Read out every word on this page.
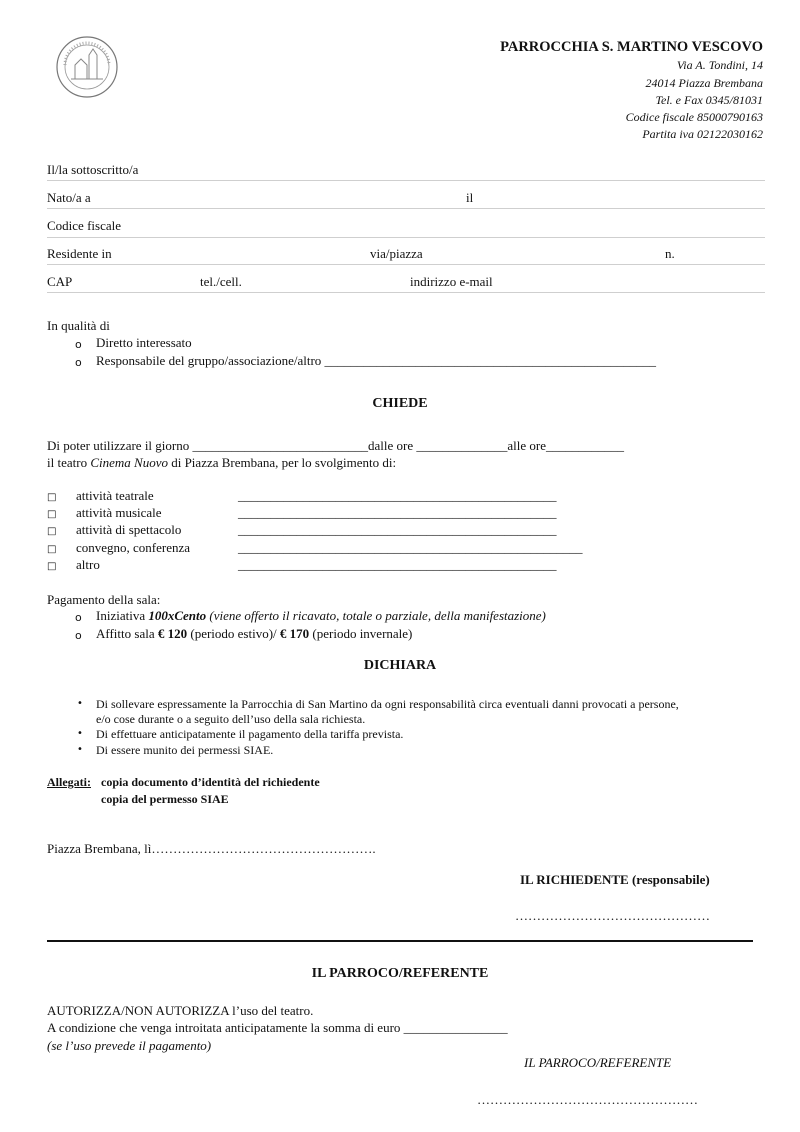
PARROCCHIA S. MARTINO VESCOVO
Via A. Tondini, 14
24014 Piazza Brembana
Tel. e Fax 0345/81031
Codice fiscale 85000790163
Partita iva 02122030162
Il/la sottoscritto/a
Nato/a a	il
Codice fiscale
Residente in	via/piazza	n.
CAP	tel./cell.	indirizzo e-mail
In qualità di
o Diretto interessato
o Responsabile del gruppo/associazione/altro ___________________________________________________
CHIEDE
Di poter utilizzare il giorno ___________________________dalle ore ______________alle ore____________
il teatro Cinema Nuovo di Piazza Brembana, per lo svolgimento di:
□ attività teatrale	_________________________________________________
□ attività musicale	_________________________________________________
□ attività di spettacolo	_________________________________________________
□ convegno, conferenza	_____________________________________________________
□ altro	_________________________________________________
Pagamento della sala:
o Iniziativa 100xCento (viene offerto il ricavato, totale o parziale, della manifestazione)
o Affitto sala € 120 (periodo estivo)/ € 170 (periodo invernale)
DICHIARA
• Di sollevare espressamente la Parrocchia di San Martino da ogni responsabilità circa eventuali danni provocati a persone,
e/o cose durante o a seguito dell’uso della sala richiesta.
• Di effettuare anticipatamente il pagamento della tariffa prevista.
• Di essere munito dei permessi SIAE.
Allegati: copia documento d’identità del richiedente
copia del permesso SIAE
Piazza Brembana, lì…………………………………………….
IL RICHIEDENTE (responsabile)
………………………………………
IL PARROCO/REFERENTE
AUTORIZZA/NON AUTORIZZA l’uso del teatro.
A condizione che venga introitata anticipatamente la somma di euro ________________
(se l’uso prevede il pagamento)
IL PARROCO/REFERENTE
……………………………………………
